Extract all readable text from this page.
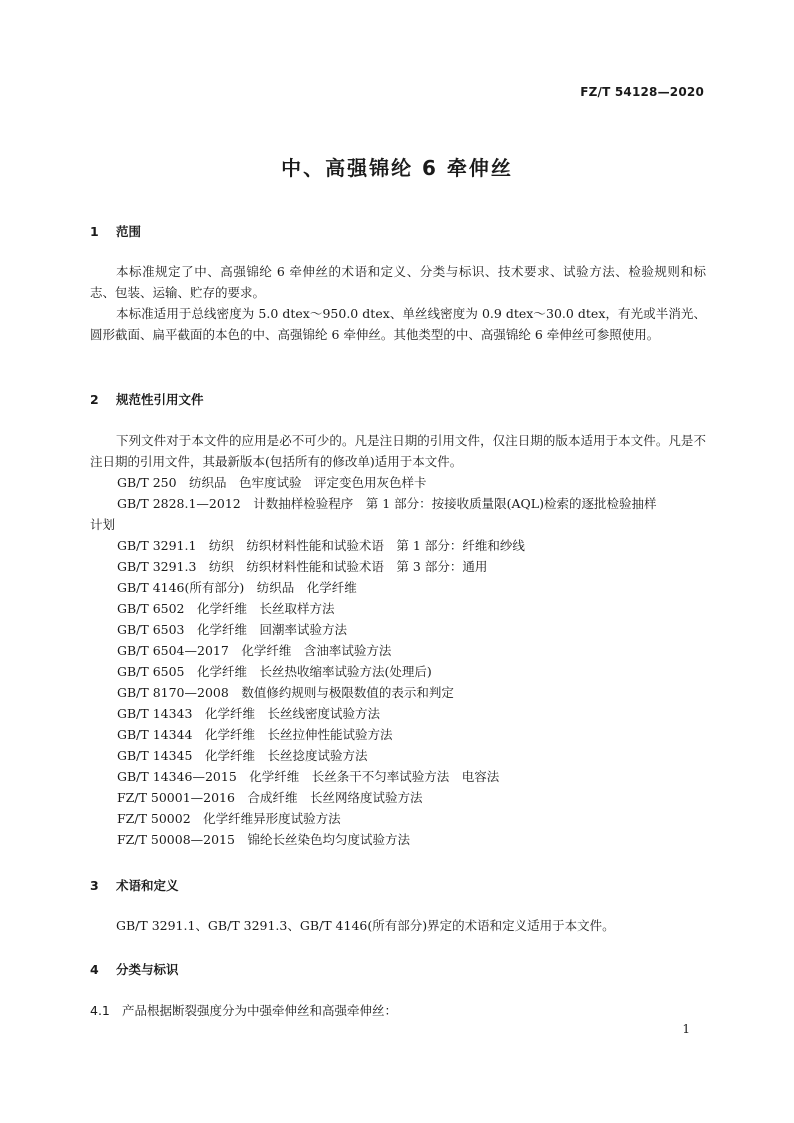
FZ/T 54128—2020
中、高强锦纶 6 牵伸丝
1 范围
本标准规定了中、高强锦纶 6 牵伸丝的术语和定义、分类与标识、技术要求、试验方法、检验规则和标志、包装、运输、贮存的要求。
本标准适用于总线密度为 5.0 dtex～950.0 dtex、单丝线密度为 0.9 dtex～30.0 dtex，有光或半消光、圆形截面、扁平截面的本色的中、高强锦纶 6 牵伸丝。其他类型的中、高强锦纶 6 牵伸丝可参照使用。
2 规范性引用文件
下列文件对于本文件的应用是必不可少的。凡是注日期的引用文件，仅注日期的版本适用于本文件。凡是不注日期的引用文件，其最新版本(包括所有的修改单)适用于本文件。
GB/T 250　纺织品　色牢度试验　评定变色用灰色样卡
GB/T 2828.1—2012　计数抽样检验程序　第 1 部分：按接收质量限(AQL)检索的逐批检验抽样
计划
GB/T 3291.1　纺织　纺织材料性能和试验术语　第 1 部分：纤维和纱线
GB/T 3291.3　纺织　纺织材料性能和试验术语　第 3 部分：通用
GB/T 4146(所有部分)　纺织品　化学纤维
GB/T 6502　化学纤维　长丝取样方法
GB/T 6503　化学纤维　回潮率试验方法
GB/T 6504—2017　化学纤维　含油率试验方法
GB/T 6505　化学纤维　长丝热收缩率试验方法(处理后)
GB/T 8170—2008　数值修约规则与极限数值的表示和判定
GB/T 14343　化学纤维　长丝线密度试验方法
GB/T 14344　化学纤维　长丝拉伸性能试验方法
GB/T 14345　化学纤维　长丝捻度试验方法
GB/T 14346—2015　化学纤维　长丝条干不匀率试验方法　电容法
FZ/T 50001—2016　合成纤维　长丝网络度试验方法
FZ/T 50002　化学纤维异形度试验方法
FZ/T 50008—2015　锦纶长丝染色均匀度试验方法
3 术语和定义
GB/T 3291.1、GB/T 3291.3、GB/T 4146(所有部分)界定的术语和定义适用于本文件。
4 分类与标识
4.1 产品根据断裂强度分为中强牵伸丝和高强牵伸丝：
1
